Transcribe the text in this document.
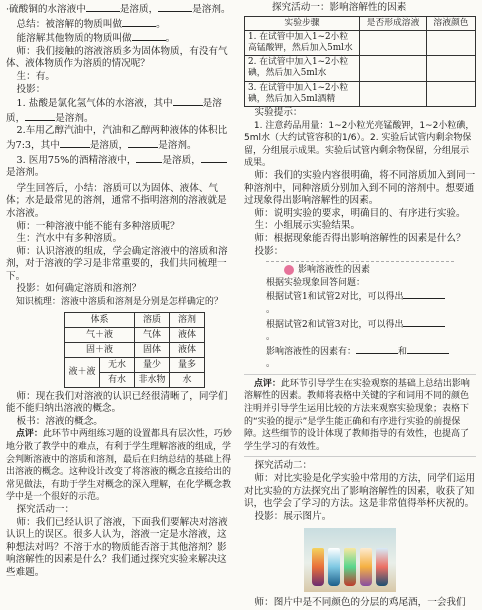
·硫酸铜的水溶液中	是溶质，	是溶剂。

总结：被溶解的物质叫做	。

能溶解其他物质的物质叫做	。

师：我们接触的溶液溶质多为固体物质，有没有气体、液体物质作为溶质的情况呢？

生：有。

投影：

1. 盐酸是氯化氢气体的水溶液，其中	是溶质，	是溶剂。

2.车用乙醇汽油中，汽油和乙醇两种液体的体积比为7:3，其中	是溶质，	是溶剂。

3. 医用75%的酒精溶液中，	是溶质，是溶剂。

学生回答后，小结：溶质可以为固体、液体、气体；水是最常见的溶剂，通常不指明溶剂的溶液就是水溶液。

师：一种溶液中能不能有多种溶质呢？

生：汽水中有多种溶质。

师：认识溶液的组成，学会确定溶液中的溶质和溶剂，对于溶液的学习是非常重要的，我们共同梳理一下。

投影：如何确定溶质和溶剂？

知识梳理：溶液中溶质和溶剂是分别是怎样确定的？

体系		溶质	溶剂
气＋液		气体	液体
固＋液		固体	液体
液＋液	无水	量少	量多
	有水	非水物	水

师：现在我们对溶液的认识已经很清晰了，同学们能不能归纳出溶液的概念。

板书：溶液的概念。

点评：此环节中两组练习题的设置都具有层次性，巧妙地分散了教学中的难点，有利于学生理解溶液的组成，学会判断溶液中的溶质和溶剂，最后在归纳总结的基础上得出溶液的概念。这种设计改变了将溶液的概念直接给出的常见做法，有助于学生对概念的深入理解，在化学概念教学中是一个很好的示范。

探究活动一：

师：我们已经认识了溶液，下面我们要解决对溶液认识上的误区。很多人认为，溶液一定是水溶液，这种想法对吗？不溶于水的物质能否溶于其他溶剂？影响溶解性的因素是什么？我们通过探究实验来解决这些难题。

探究活动一：影响溶解性的因素

实验步骤	是否形成溶液	溶液颜色
1. 在试管中加入1~2小粒高锰酸钾，然后加入5ml水		
2. 在试管中加入1~2小粒碘，然后加入5ml水		
3. 在试管中加入1~2小粒碘，然后加入5ml酒精		

实验提示：

1. 注意药品用量：1~2小粒光亮锰酸钾，1~2小粒碘，5ml水（大约试管容积的1/6）。2. 实验后试管内剩余物保留，分组展示成果。实验后试管内剩余物保留，分组展示成果。

师：我们的实验内容很明确，将不同溶质加入到同一种溶剂中，同种溶质分别加入到不同的溶剂中。想要通过现象得出影响溶解性的因素。

师：说明实验的要求，明确目的、有序进行实验。

生：小组展示实验结果。

师：根据现象能否得出影响溶解性的因素是什么？

投影：

影响溶液性的因素

根据实验现象回答问题：

根据试管1和试管2对比，可以得出。

根据试管2和试管3对比，可以得出。

影响溶液性的因素有：	和。

点评：此环节引导学生在实验观察的基础上总结出影响溶解性的因素。教师将表格中关键的字和词用不同的颜色注明并引导学生运用比较的方法来观察实验现象；表格下的“实验的提示”是学生能正确和有序进行实验的前提保障。这些细节的设计体现了教师指导的有效性，也提高了学生学习的有效性。

探究活动二：

师：对比实验是化学实验中常用的方法，同学们运用对比实验的方法探究出了影响溶解性的因素，收获了知识，也学会了学习的方法。这是非常值得举杯庆祝的。

投影：展示图片。

师：图片中是不同颜色的分层的鸡尾酒，一会我们
